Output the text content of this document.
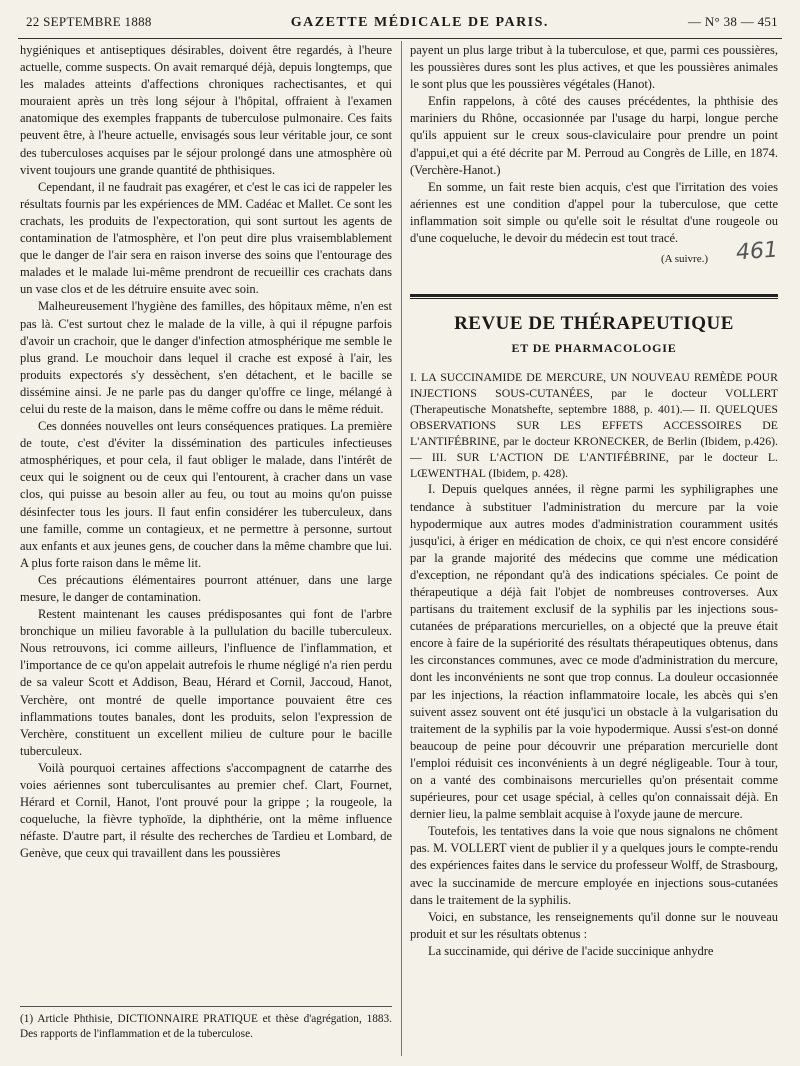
22 SEPTEMBRE 1888	GAZETTE MÉDICALE DE PARIS.	— N° 38 — 451

hygiéniques et antiseptiques désirables, doivent être regardés, à l'heure actuelle, comme suspects. On avait remarqué déjà, depuis longtemps, que les malades atteints d'affections chroniques rachectisantes, et qui mouraient après un très long séjour à l'hôpital, offraient à l'examen anatomique des exemples frappants de tuberculose pulmonaire. Ces faits peuvent être, à l'heure actuelle, envisagés sous leur véritable jour, ce sont des tuberculoses acquises par le séjour prolongé dans une atmosphère où vivent toujours une grande quantité de phthisiques.

Cependant, il ne faudrait pas exagérer, et c'est le cas ici de rappeler les résultats fournis par les expériences de MM. Cadéac et Mallet. Ce sont les crachats, les produits de l'expectoration, qui sont surtout les agents de contamination de l'atmosphère, et l'on peut dire plus vraisemblablement que le danger de l'air sera en raison inverse des soins que l'entourage des malades et le malade lui-même prendront de recueillir ces crachats dans un vase clos et de les détruire ensuite avec soin.

Malheureusement l'hygiène des familles, des hôpitaux même, n'en est pas là. C'est surtout chez le malade de la ville, à qui il répugne parfois d'avoir un crachoir, que le danger d'infection atmosphérique me semble le plus grand. Le mouchoir dans lequel il crache est exposé à l'air, les produits expectorés s'y dessèchent, s'en détachent, et le bacille se dissémine ainsi. Je ne parle pas du danger qu'offre ce linge, mélangé à celui du reste de la maison, dans le même coffre ou dans le même réduit.

Ces données nouvelles ont leurs conséquences pratiques. La première de toute, c'est d'éviter la dissémination des particules infectieuses atmosphériques, et pour cela, il faut obliger le malade, dans l'intérêt de ceux qui le soignent ou de ceux qui l'entourent, à cracher dans un vase clos, qui puisse au besoin aller au feu, ou tout au moins qu'on puisse désinfecter tous les jours. Il faut enfin considérer les tuberculeux, dans une famille, comme un contagieux, et ne permettre à personne, surtout aux enfants et aux jeunes gens, de coucher dans la même chambre que lui. A plus forte raison dans le même lit.

Ces précautions élémentaires pourront atténuer, dans une large mesure, le danger de contamination.

Restent maintenant les causes prédisposantes qui font de l'arbre bronchique un milieu favorable à la pullulation du bacille tuberculeux. Nous retrouvons, ici comme ailleurs, l'influence de l'inflammation, et l'importance de ce qu'on appelait autrefois le rhume négligé n'a rien perdu de sa valeur Scott et Addison, Beau, Hérard et Cornil, Jaccoud, Hanot, Verchère, ont montré de quelle importance pouvaient être ces inflammations toutes banales, dont les produits, selon l'expression de Verchère, constituent un excellent milieu de culture pour le bacille tuberculeux.

Voilà pourquoi certaines affections s'accompagnent de catarrhe des voies aériennes sont tuberculisantes au premier chef. Clart, Fournet, Hérard et Cornil, Hanot, l'ont prouvé pour la grippe ; la rougeole, la coqueluche, la fièvre typhoïde, la diphthérie, ont la même influence néfaste. D'autre part, il résulte des recherches de Tardieu et Lombard, de Genève, que ceux qui travaillent dans les poussières

(1) Article Phthisie, DICTIONNAIRE PRATIQUE et thèse d'agrégation, 1883. Des rapports de l'inflammation et de la tuberculose.

payent un plus large tribut à la tuberculose, et que, parmi ces poussières, les poussières dures sont les plus actives, et que les poussières animales le sont plus que les poussières végétales (Hanot).

Enfin rappelons, à côté des causes précédentes, la phthisie des mariniers du Rhône, occasionnée par l'usage du harpi, longue perche qu'ils appuient sur le creux sous-claviculaire pour prendre un point d'appui,et qui a été décrite par M. Perroud au Congrès de Lille, en 1874. (Verchère-Hanot.)

En somme, un fait reste bien acquis, c'est que l'irritation des voies aériennes est une condition d'appel pour la tuberculose, que cette inflammation soit simple ou qu'elle soit le résultat d'une rougeole ou d'une coqueluche, le devoir du médecin est tout tracé.

(A suivre.) 461
REVUE DE THÉRAPEUTIQUE
ET DE PHARMACOLOGIE

I. LA SUCCINAMIDE DE MERCURE, UN NOUVEAU REMÈDE POUR INJECTIONS SOUS-CUTANÉES, par le docteur VOLLERT (Therapeutische Monatshefte, septembre 1888, p. 401).— II. QUELQUES OBSERVATIONS SUR LES EFFETS ACCESSOIRES DE L'ANTIFÉBRINE, par le docteur KRONECKER, de Berlin (Ibidem, p.426). — III. SUR L'ACTION DE L'ANTIFÉBRINE, par le docteur L. LŒWENTHAL (Ibidem, p. 428).

I. Depuis quelques années, il règne parmi les syphiligraphes une tendance à substituer l'administration du mercure par la voie hypodermique aux autres modes d'administration couramment usités jusqu'ici, à ériger en médication de choix, ce qui n'est encore considéré par la grande majorité des médecins que comme une médication d'exception, ne répondant qu'à des indications spéciales. Ce point de thérapeutique a déjà fait l'objet de nombreuses controverses. Aux partisans du traitement exclusif de la syphilis par les injections sous-cutanées de préparations mercurielles, on a objecté que la preuve était encore à faire de la supériorité des résultats thérapeutiques obtenus, dans les circonstances communes, avec ce mode d'administration du mercure, dont les inconvénients ne sont que trop connus. La douleur occasionnée par les injections, la réaction inflammatoire locale, les abcès qui s'en suivent assez souvent ont été jusqu'ici un obstacle à la vulgarisation du traitement de la syphilis par la voie hypodermique. Aussi s'est-on donné beaucoup de peine pour découvrir une préparation mercurielle dont l'emploi réduisit ces inconvénients à un degré négligeable. Tour à tour, on a vanté des combinaisons mercurielles qu'on présentait comme supérieures, pour cet usage spécial, à celles qu'on connaissait déjà. En dernier lieu, la palme semblait acquise à l'oxyde jaune de mercure.

Toutefois, les tentatives dans la voie que nous signalons ne chôment pas. M. VOLLERT vient de publier il y a quelques jours le compte-rendu des expériences faites dans le service du professeur Wolff, de Strasbourg, avec la succinamide de mercure employée en injections sous-cutanées dans le traitement de la syphilis.

Voici, en substance, les renseignements qu'il donne sur le nouveau produit et sur les résultats obtenus :

La succinamide, qui dérive de l'acide succinique anhydre
